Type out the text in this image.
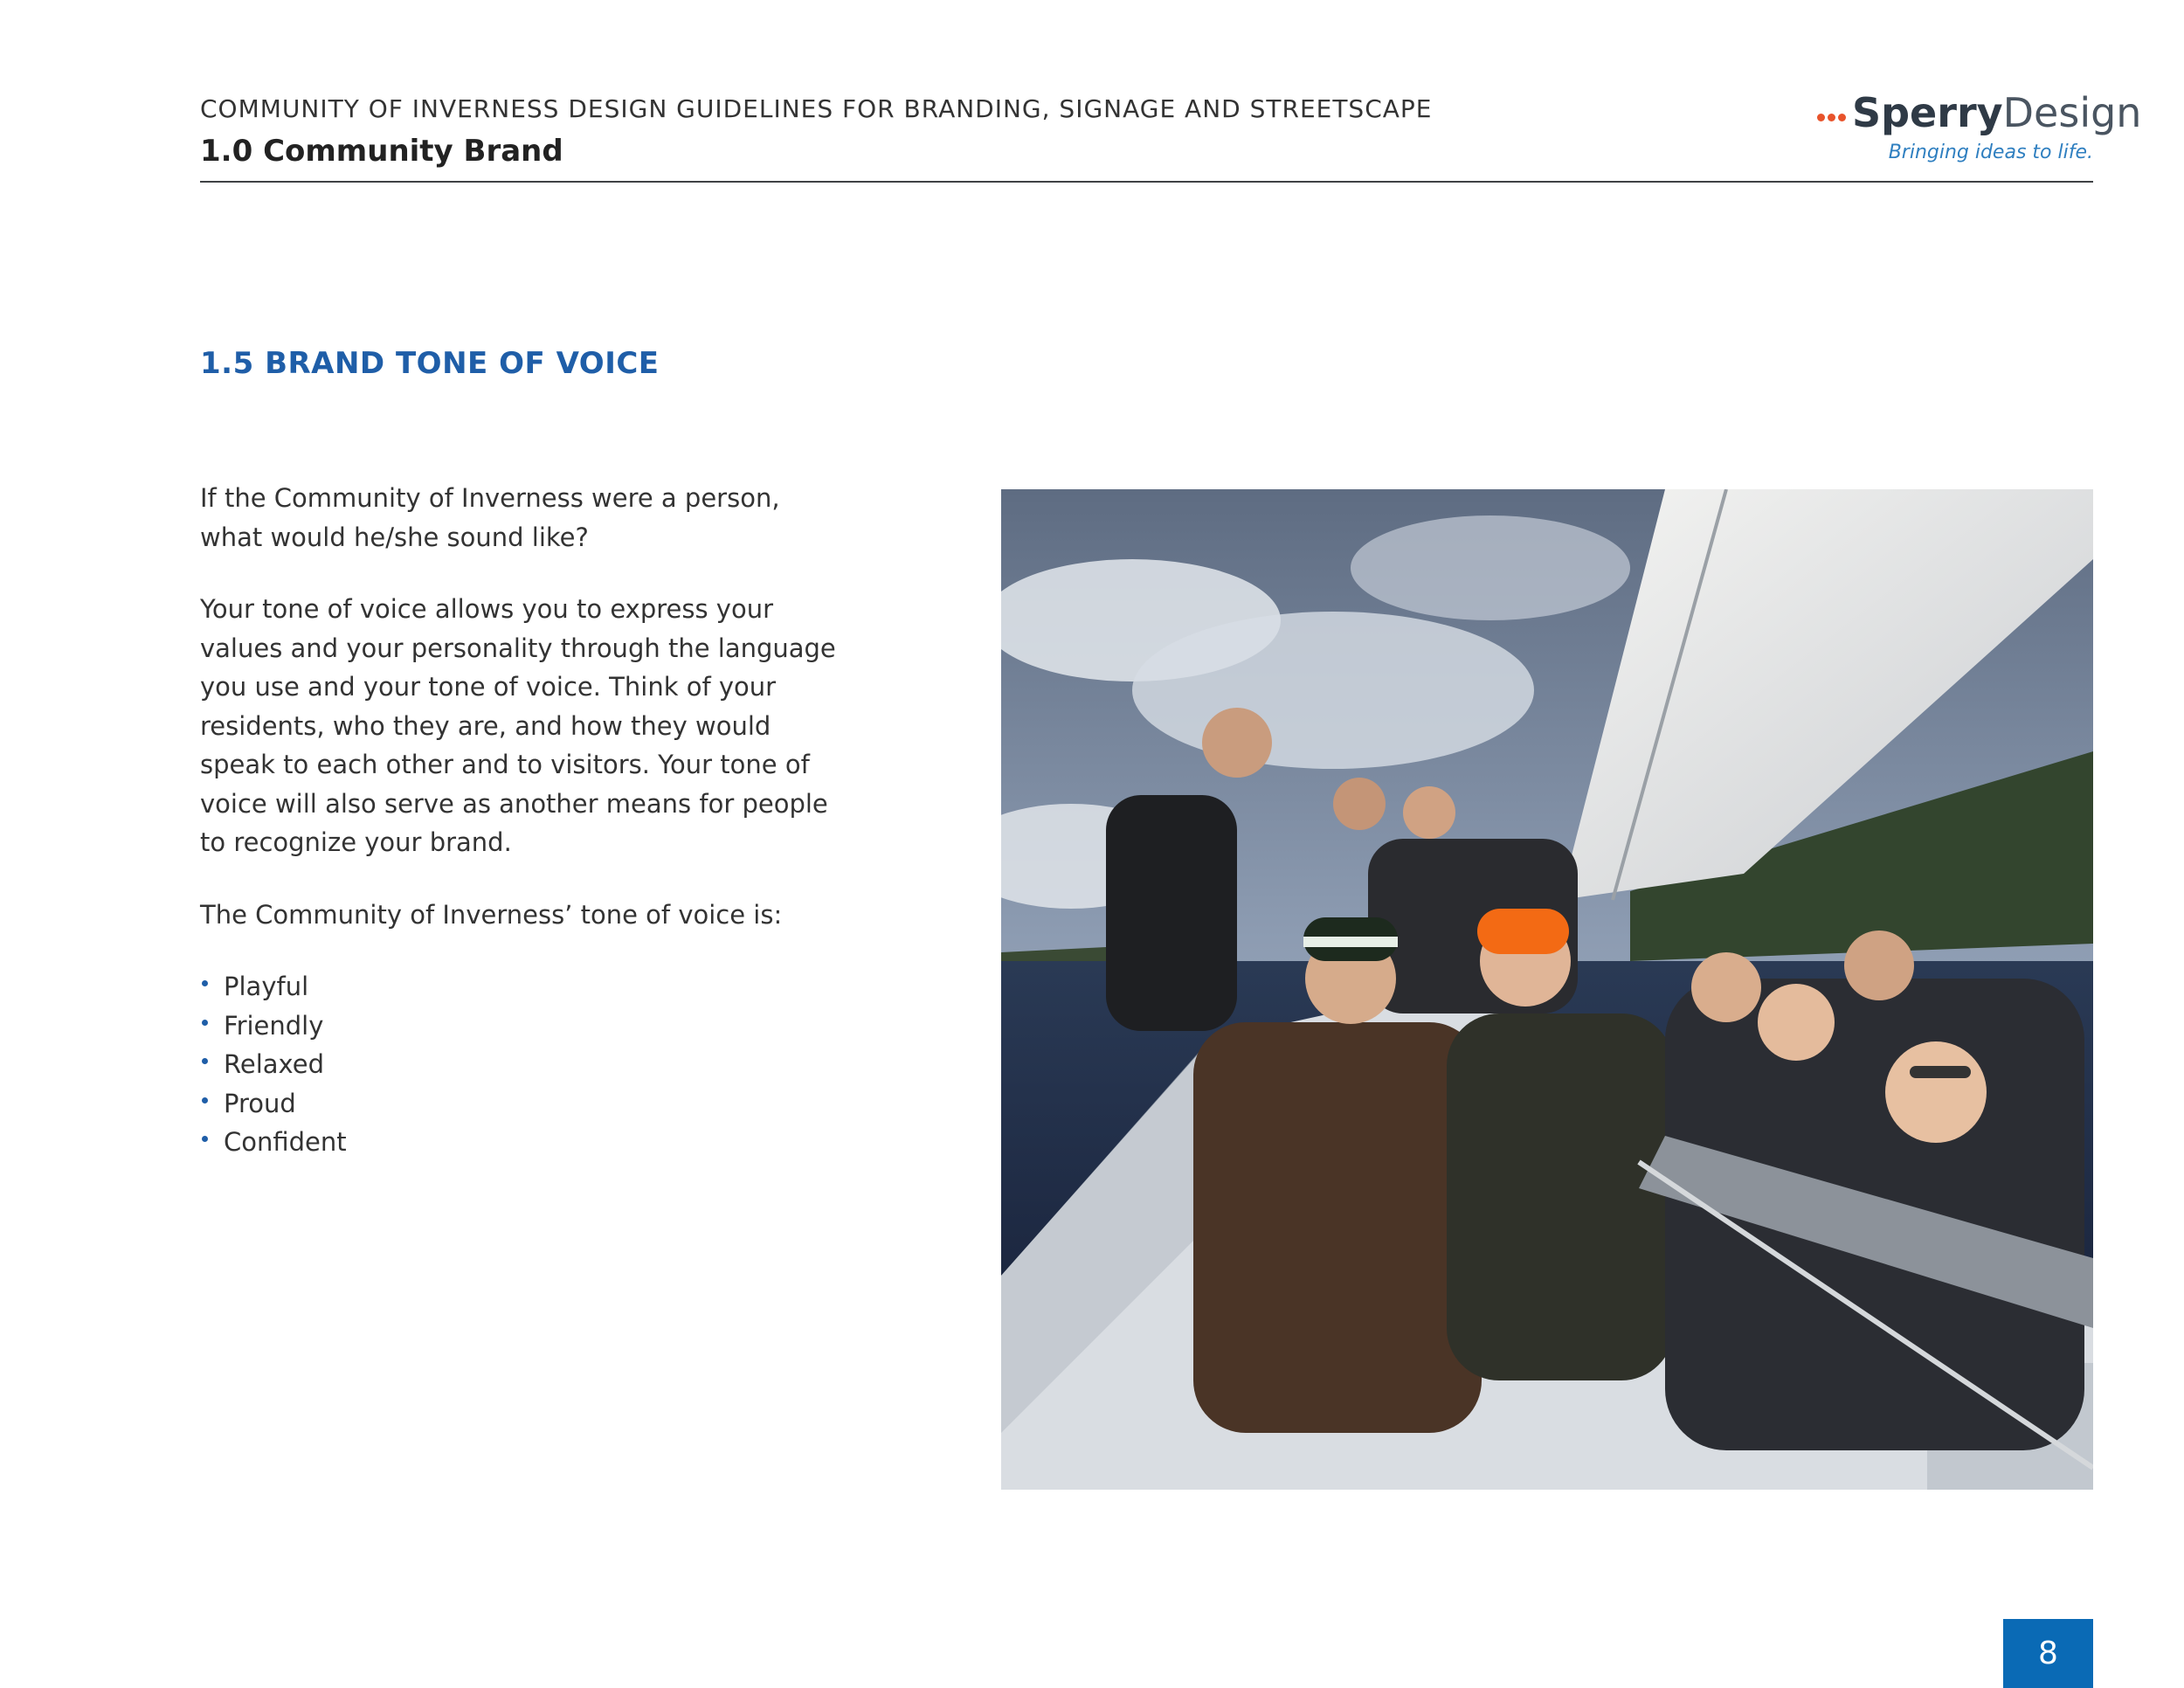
COMMUNITY OF INVERNESS DESIGN GUIDELINES FOR BRANDING, SIGNAGE AND STREETSCAPE
1.0 Community Brand
SperryDesign
Bringing ideas to life.
1.5 BRAND TONE OF VOICE

If the Community of Inverness were a person, what would he/she sound like?

Your tone of voice allows you to express your values and your personality through the language you use and your tone of voice. Think of your residents, who they are, and how they would speak to each other and to visitors. Your tone of voice will also serve as another means for people to recognize your brand.

The Community of Inverness’ tone of voice is:

Playful
Friendly
Relaxed
Proud
Confident
8
